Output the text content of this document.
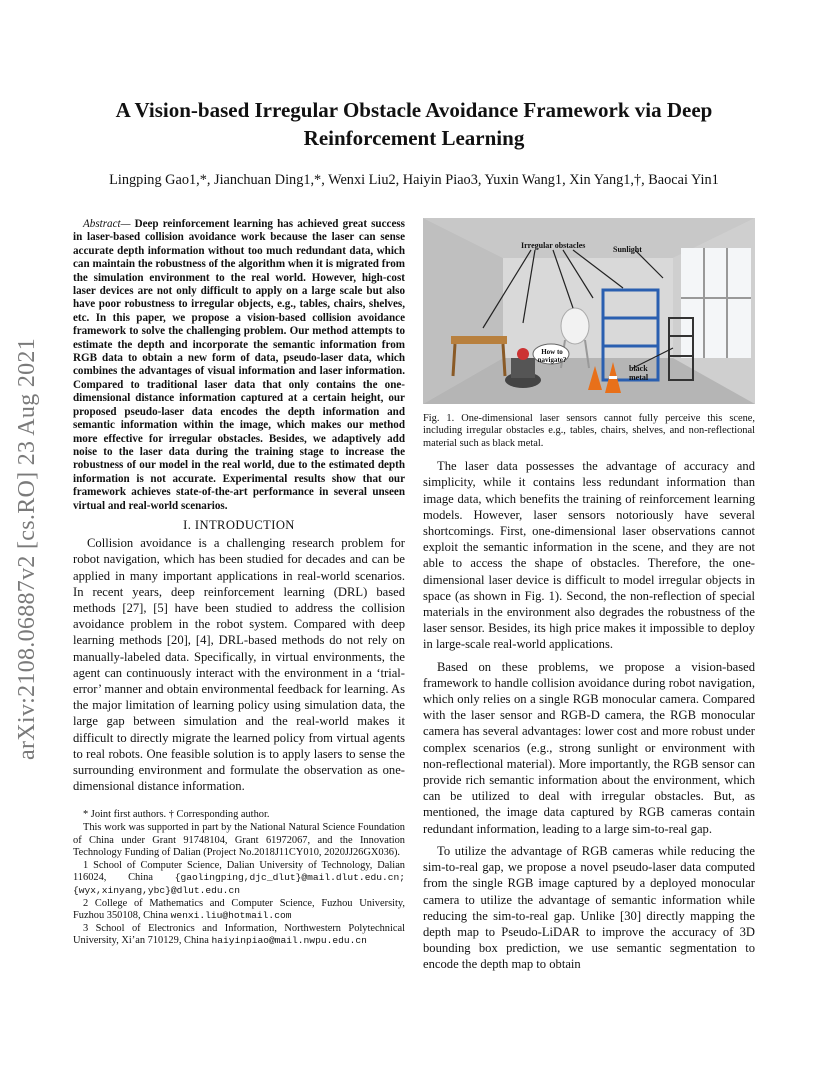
arXiv:2108.06887v2 [cs.RO] 23 Aug 2021
A Vision-based Irregular Obstacle Avoidance Framework via Deep
Reinforcement Learning
Lingping Gao1,*, Jianchuan Ding1,*, Wenxi Liu2, Haiyin Piao3, Yuxin Wang1, Xin Yang1,†, Baocai Yin1

Abstract— Deep reinforcement learning has achieved great success in laser-based collision avoidance work because the laser can sense accurate depth information without too much redundant data, which can maintain the robustness of the algorithm when it is migrated from the simulation environment to the real world. However, high-cost laser devices are not only difficult to apply on a large scale but also have poor robustness to irregular objects, e.g., tables, chairs, shelves, etc. In this paper, we propose a vision-based collision avoidance framework to solve the challenging problem. Our method attempts to estimate the depth and incorporate the semantic information from RGB data to obtain a new form of data, pseudo-laser data, which combines the advantages of visual information and laser information. Compared to traditional laser data that only contains the one-dimensional distance information captured at a certain height, our proposed pseudo-laser data encodes the depth information and semantic information within the image, which makes our method more effective for irregular obstacles. Besides, we adaptively add noise to the laser data during the training stage to increase the robustness of our model in the real world, due to the estimated depth information is not accurate. Experimental results show that our framework achieves state-of-the-art performance in several unseen virtual and real-world scenarios.

I. INTRODUCTION

Collision avoidance is a challenging research problem for robot navigation, which has been studied for decades and can be applied in many important applications in real-world scenarios. In recent years, deep reinforcement learning (DRL) based methods [27], [5] have been studied to address the collision avoidance problem in the robot system. Compared with deep learning methods [20], [4], DRL-based methods do not rely on manually-labeled data. Specifically, in virtual environments, the agent can continuously interact with the environment in a ‘trial-error’ manner and obtain environmental feedback for learning. As the major limitation of learning policy using simulation data, the large gap between simulation and the real-world makes it difficult to directly migrate the learned policy from virtual agents to real robots. One feasible solution is to apply lasers to sense the surrounding environment and formulate the observation as one-dimensional distance information.

* Joint first authors. † Corresponding author.

This work was supported in part by the National Natural Science Foundation of China under Grant 91748104, Grant 61972067, and the Innovation Technology Funding of Dalian (Project No.2018J11CY010, 2020JJ26GX036).

1 School of Computer Science, Dalian University of Technology, Dalian 116024, China {gaolingping,djc_dlut}@mail.dlut.edu.cn; {wyx,xinyang,ybc}@dlut.edu.cn

2 College of Mathematics and Computer Science, Fuzhou University, Fuzhou 350108, China wenxi.liu@hotmail.com

3 School of Electronics and Information, Northwestern Polytechnical University, Xi’an 710129, China haiyinpiao@mail.nwpu.edu.cn

Irregular obstacles	Sunlight
How to navigate?
black metal
Fig. 1. One-dimensional laser sensors cannot fully perceive this scene, including irregular obstacles e.g., tables, chairs, shelves, and non-reflectional material such as black metal.

The laser data possesses the advantage of accuracy and simplicity, while it contains less redundant information than image data, which benefits the training of reinforcement learning models. However, laser sensors notoriously have several shortcomings. First, one-dimensional laser observations cannot exploit the semantic information in the scene, and they are not able to access the shape of obstacles. Therefore, the one-dimensional laser device is difficult to model irregular objects in space (as shown in Fig. 1). Second, the non-reflection of special materials in the environment also degrades the robustness of the laser sensor. Besides, its high price makes it impossible to deploy in large-scale real-world applications.

Based on these problems, we propose a vision-based framework to handle collision avoidance during robot navigation, which only relies on a single RGB monocular camera. Compared with the laser sensor and RGB-D camera, the RGB monocular camera has several advantages: lower cost and more robust under complex scenarios (e.g., strong sunlight or environment with non-reflectional material). More importantly, the RGB sensor can provide rich semantic information about the environment, which can be utilized to deal with irregular obstacles. But, as mentioned, the image data captured by RGB cameras contain redundant information, leading to a large sim-to-real gap.

To utilize the advantage of RGB cameras while reducing the sim-to-real gap, we propose a novel pseudo-laser data computed from the single RGB image captured by a deployed monocular camera to utilize the advantage of semantic information while reducing the sim-to-real gap. Unlike [30] directly mapping the depth map to Pseudo-LiDAR to improve the accuracy of 3D bounding box prediction, we use semantic segmentation to encode the depth map to obtain
